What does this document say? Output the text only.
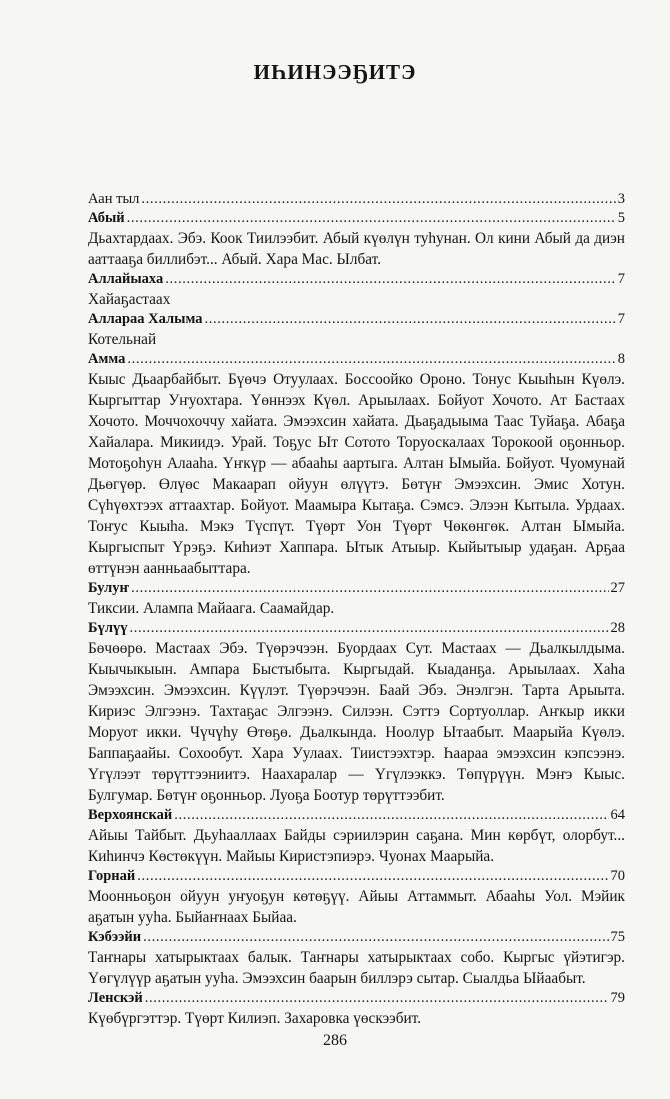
ИҺИНЭЭҔИТЭ
Аан тыл . . .	3
Абый . . .	5

Дьахтардаах. Эбэ. Коок Тиилээбит. Абый күөлүн туһунан. Ол кини Абый да диэн ааттааҕа биллибэт... Абый. Хара Мас. Ылбат.

Аллайыаха . . .	7

Хайаҕастаах

Аллараа Халыма . . .	7

Котельнай

Амма . . .	8

Кыыс Дьаарбайбыт. Бүөчэ Отуулаах. Боссоойко Ороно. Тонус Кыыһын Күөлэ. Кыргыттар Уҥуохтара. Үөннээх Күөл. Арыылаах. Бойуот Хочото. Ат Бастаах Хочото. Моччохоччу хайата. Эмээхсин хайата. Дьаҕадыыма Таас Туйаҕа. Абаҕа Хайалара. Микиидэ. Урай. Тоҕус Ыт Сотото Торуоскалаах Торокоой оҕонньор. Мотоҕоһун Алааһа. Үҥкүр — абааһы аартыга. Алтан Ымыйа. Бойуот. Чуомунай Дьөгүөр. Өлүөс Макаарап ойуун өлүүтэ. Бөтүҥ Эмээхсин. Эмис Хотун. Сүһүөхтээх аттаахтар. Бойуот. Маамыра Кытаҕа. Сэмсэ. Элээн Кытыла. Урдаах. Тоҥус Кыыһа. Мэкэ Түспүт. Түөрт Уон Түөрт Чөкөнгөк. Алтан Ымыйа. Кыргыспыт Үрэҕэ. Киһиэт Хаппара. Ытык Атыыр. Кыйытыыр удаҕан. Арҕаа өттүнэн аанньаабыттара.

Булуҥ . . .	27

Тиксии. Алампа Майаага. Саамайдар.

Бүлүү . . .	28

Бөчөөрө. Мастаах Эбэ. Түөрэчээн. Буордаах Сут. Мастаах — Дьалкылдыма. Кыычыкыын. Ампара Быстыбыта. Кыргыдай. Кыаданҕа. Арыылаах. Хаһа Эмээхсин. Эмээхсин. Күүлэт. Түөрэчээн. Баай Эбэ. Энэлгэн. Тарта Арыыта. Кириэс Элгээнэ. Тахтаҕас Элгээнэ. Силээн. Сэттэ Сортуоллар. Аҥкыр икки Моруот икки. Чүчүһу Өтөҕө. Дьалкында. Ноолур Ытаабыт. Маарыйа Күөлэ. Баппаҕаайы. Сохообут. Хара Уулаах. Тиистээхтэр. Һаараа эмээхсин кэпсээнэ. Үгүлээт төрүттээниитэ. Наахаралар — Үгүлээккэ. Төпүрүүн. Мэҥэ Кыыс. Булгумар. Бөтүҥ оҕонньор. Луоҕа Боотур төрүттээбит.

Верхоянскай . . .	64

Айыы Тайбыт. Дьуһааллаах Байды сэриилэрин саҕана. Мин көрбүт, олорбут... Киһинчэ Көстөкүүн. Майыы Киристэпиэрэ. Чуонах Маарыйа.

Горнай . . .	70

Моонньоҕон ойуун уҥуоҕун көтөҕүү. Айыы Аттаммыт. Абааһы Уол. Мэйик аҕатын ууһа. Быйаҥнаах Быйаа.

Кэбээйи . . .	75

Таҥнары хатырыктаах балык. Таҥнары хатырыктаах собо. Кыргыс үйэтигэр. Үөгүлүүр аҕатын ууһа. Эмээхсин баарын биллэрэ сытар. Сыалдьа Ыйаабыт.

Ленскэй . . .	79

Күөбүргэттэр. Түөрт Килиэп. Захаровка үөскээбит.

286
